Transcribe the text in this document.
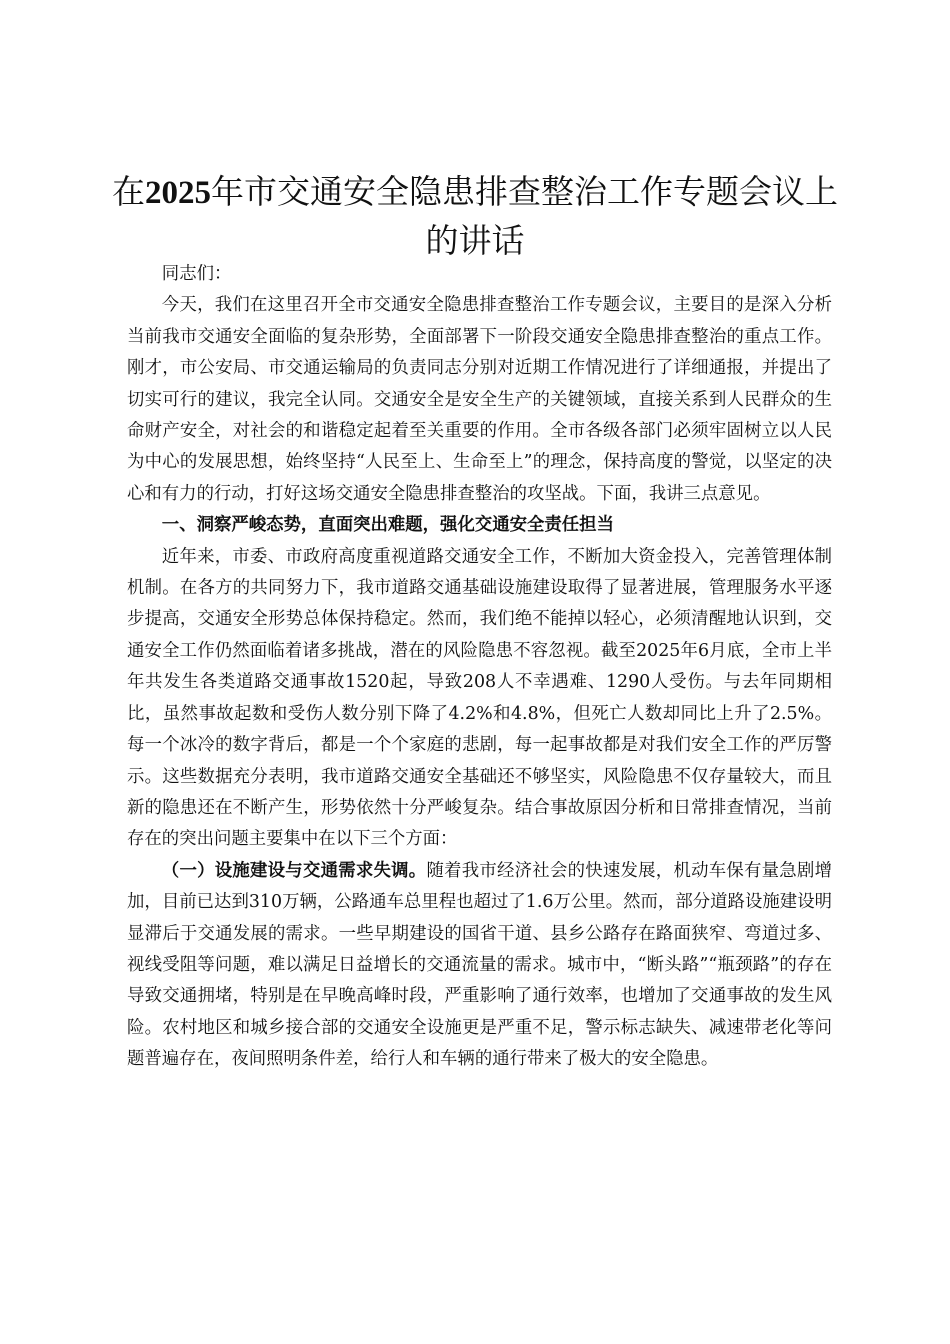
在2025年市交通安全隐患排查整治工作专题会议上的讲话

同志们：

今天，我们在这里召开全市交通安全隐患排查整治工作专题会议，主要目的是深入分析当前我市交通安全面临的复杂形势，全面部署下一阶段交通安全隐患排查整治的重点工作。刚才，市公安局、市交通运输局的负责同志分别对近期工作情况进行了详细通报，并提出了切实可行的建议，我完全认同。交通安全是安全生产的关键领域，直接关系到人民群众的生命财产安全，对社会的和谐稳定起着至关重要的作用。全市各级各部门必须牢固树立以人民为中心的发展思想，始终坚持“人民至上、生命至上”的理念，保持高度的警觉，以坚定的决心和有力的行动，打好这场交通安全隐患排查整治的攻坚战。下面，我讲三点意见。

一、洞察严峻态势，直面突出难题，强化交通安全责任担当

近年来，市委、市政府高度重视道路交通安全工作，不断加大资金投入，完善管理体制机制。在各方的共同努力下，我市道路交通基础设施建设取得了显著进展，管理服务水平逐步提高，交通安全形势总体保持稳定。然而，我们绝不能掉以轻心，必须清醒地认识到，交通安全工作仍然面临着诸多挑战，潜在的风险隐患不容忽视。截至2025年6月底，全市上半年共发生各类道路交通事故1520起，导致208人不幸遇难、1290人受伤。与去年同期相比，虽然事故起数和受伤人数分别下降了4.2%和4.8%，但死亡人数却同比上升了2.5%。每一个冰冷的数字背后，都是一个个家庭的悲剧，每一起事故都是对我们安全工作的严厉警示。这些数据充分表明，我市道路交通安全基础还不够坚实，风险隐患不仅存量较大，而且新的隐患还在不断产生，形势依然十分严峻复杂。结合事故原因分析和日常排查情况，当前存在的突出问题主要集中在以下三个方面：

（一）设施建设与交通需求失调。随着我市经济社会的快速发展，机动车保有量急剧增加，目前已达到310万辆，公路通车总里程也超过了1.6万公里。然而，部分道路设施建设明显滞后于交通发展的需求。一些早期建设的国省干道、县乡公路存在路面狭窄、弯道过多、视线受阻等问题，难以满足日益增长的交通流量的需求。城市中，“断头路”“瓶颈路”的存在导致交通拥堵，特别是在早晚高峰时段，严重影响了通行效率，也增加了交通事故的发生风险。农村地区和城乡接合部的交通安全设施更是严重不足，警示标志缺失、减速带老化等问题普遍存在，夜间照明条件差，给行人和车辆的通行带来了极大的安全隐患。
